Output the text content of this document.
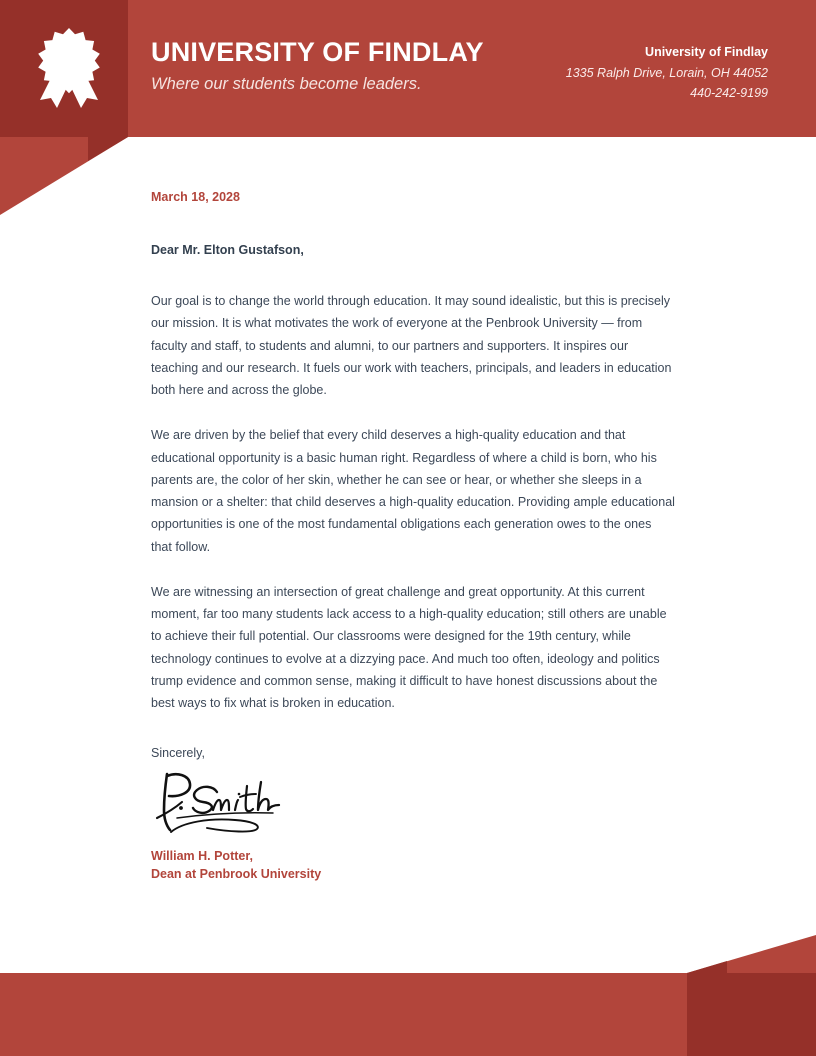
UNIVERSITY OF FINDLAY
Where our students become leaders.
University of Findlay
1335 Ralph Drive, Lorain, OH 44052
440-242-9199
March 18, 2028
Dear Mr. Elton Gustafson,

Our goal is to change the world through education. It may sound idealistic, but this is precisely our mission. It is what motivates the work of everyone at the Penbrook University — from faculty and staff, to students and alumni, to our partners and supporters. It inspires our teaching and our research. It fuels our work with teachers, principals, and leaders in education both here and across the globe.

We are driven by the belief that every child deserves a high-quality education and that educational opportunity is a basic human right. Regardless of where a child is born, who his parents are, the color of her skin, whether he can see or hear, or whether she sleeps in a mansion or a shelter: that child deserves a high-quality education. Providing ample educational opportunities is one of the most fundamental obligations each generation owes to the ones that follow.

We are witnessing an intersection of great challenge and great opportunity. At this current moment, far too many students lack access to a high-quality education; still others are unable to achieve their full potential. Our classrooms were designed for the 19th century, while technology continues to evolve at a dizzying pace. And much too often, ideology and politics trump evidence and common sense, making it difficult to have honest discussions about the best ways to fix what is broken in education.

Sincerely,
William H. Potter,
Dean at Penbrook University
